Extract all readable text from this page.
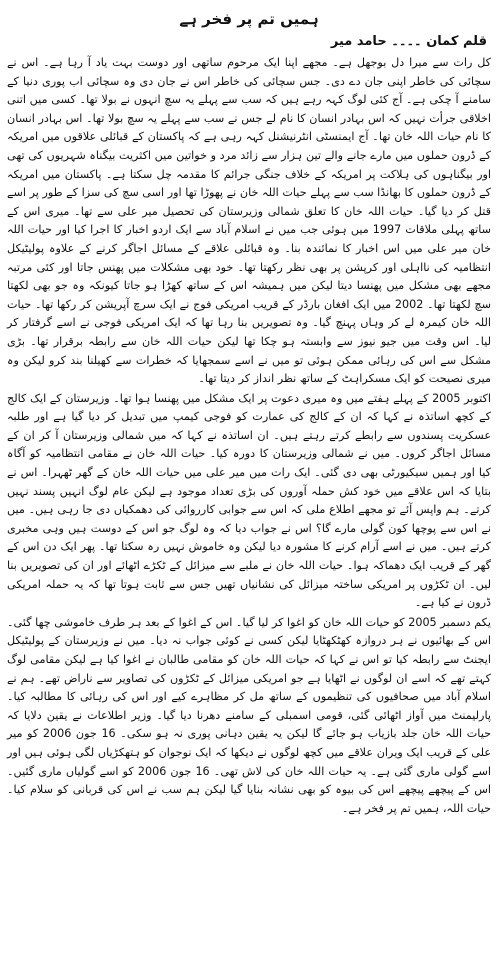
ہمیں تم پر فخر ہے
قلم کمان ۔۔۔۔ حامد میر

کل رات سے میرا دل بوجھل ہے۔ مجھے اپنا ایک مرحوم ساتھی اور دوست بہت یاد آ رہا ہے۔ اس نے سچائی کی خاطر اپنی جان دے دی۔ جس سچائی کی خاطر اس نے جان دی وہ سچائی اب پوری دنیا کے سامنے آ چکی ہے۔ آج کئی لوگ کہہ رہے ہیں کہ سب سے پہلے یہ سچ انہوں نے بولا تھا۔ کسی میں اتنی اخلاقی جرأت نہیں کہ اس بہادر انسان کا نام لے جس نے سب سے پہلے یہ سچ بولا تھا۔ اس بہادر انسان کا نام حیات اللہ خان تھا۔ آج ایمنسٹی انٹرنیشنل کہہ رہی ہے کہ پاکستان کے قبائلی علاقوں میں امریکہ کے ڈرون حملوں میں مارے جانے والے تین ہزار سے زائد مرد و خواتین میں اکثریت بیگناہ شہریوں کی تھی اور بیگناہوں کی ہلاکت پر امریکہ کے خلاف جنگی جرائم کا مقدمہ چل سکتا ہے۔ پاکستان میں امریکہ کے ڈرون حملوں کا بھانڈا سب سے پہلے حیات اللہ خان نے پھوڑا تھا اور اسی سچ کی سزا کے طور پر اسے قتل کر دیا گیا۔ حیات اللہ خان کا تعلق شمالی وزیرستان کی تحصیل میر علی سے تھا۔ میری اس کے ساتھ پہلی ملاقات 1997 میں ہوئی جب میں نے اسلام آباد سے ایک اردو اخبار کا اجرا کیا اور حیات اللہ خان میر علی میں اس اخبار کا نمائندہ بنا۔ وہ قبائلی علاقے کے مسائل اجاگر کرنے کے علاوہ پولیٹیکل انتظامیہ کی نااہلی اور کرپشن پر بھی نظر رکھتا تھا۔ خود بھی مشکلات میں پھنس جاتا اور کئی مرتبہ مجھے بھی مشکل میں پھنسا دیتا لیکن میں ہمیشہ اس کے ساتھ کھڑا ہو جاتا کیونکہ وہ جو بھی لکھتا سچ لکھتا تھا۔ 2002 میں ایک افغان بارڈر کے قریب امریکی فوج نے ایک سرچ آپریشن کر رکھا تھا۔ حیات اللہ خان کیمرہ لے کر وہاں پہنچ گیا۔ وہ تصویریں بنا رہا تھا کہ ایک امریکی فوجی نے اسے گرفتار کر لیا۔ اس وقت میں جیو نیوز سے وابستہ ہو چکا تھا لیکن حیات اللہ خان سے رابطہ برقرار تھا۔ بڑی مشکل سے اس کی رہائی ممکن ہوئی تو میں نے اسے سمجھایا کہ خطرات سے کھیلنا بند کرو لیکن وہ میری نصیحت کو ایک مسکراہٹ کے ساتھ نظر انداز کر دیتا تھا۔

اکتوبر 2005 کے پہلے ہفتے میں وہ میری دعوت پر ایک مشکل میں پھنسا ہوا تھا۔ وزیرستان کے ایک کالج کے کچھ اساتذہ نے کہا کہ ان کے کالج کی عمارت کو فوجی کیمپ میں تبدیل کر دیا گیا ہے اور طلبہ عسکریت پسندوں سے رابطے کرتے رہتے ہیں۔ ان اساتذہ نے کہا کہ میں شمالی وزیرستان آ کر ان کے مسائل اجاگر کروں۔ میں نے شمالی وزیرستان کا دورہ کیا۔ حیات اللہ خان نے مقامی انتظامیہ کو آگاہ کیا اور ہمیں سیکیورٹی بھی دی گئی۔ ایک رات میں میر علی میں حیات اللہ خان کے گھر ٹھہرا۔ اس نے بتایا کہ اس علاقے میں خود کش حملہ آوروں کی بڑی تعداد موجود ہے لیکن عام لوگ انہیں پسند نہیں کرتے۔ ہم واپس آئے تو مجھے اطلاع ملی کہ اس سے جوابی کارروائی کی دھمکیاں دی جا رہی ہیں۔ میں نے اس سے پوچھا کون گولی مارے گا؟ اس نے جواب دیا کہ وہ لوگ جو اس کے دوست ہیں وہی مخبری کرتے ہیں۔ میں نے اسے آرام کرنے کا مشورہ دیا لیکن وہ خاموش نہیں رہ سکتا تھا۔ پھر ایک دن اس کے گھر کے قریب ایک دھماکہ ہوا۔ حیات اللہ خان نے ملبے سے میزائل کے ٹکڑے اٹھائے اور ان کی تصویریں بنا لیں۔ ان ٹکڑوں پر امریکی ساختہ میزائل کی نشانیاں تھیں جس سے ثابت ہوتا تھا کہ یہ حملہ امریکی ڈرون نے کیا ہے۔

یکم دسمبر 2005 کو حیات اللہ خان کو اغوا کر لیا گیا۔ اس کے اغوا کے بعد ہر طرف خاموشی چھا گئی۔ اس کے بھائیوں نے ہر دروازہ کھٹکھٹایا لیکن کسی نے کوئی جواب نہ دیا۔ میں نے وزیرستان کے پولیٹیکل ایجنٹ سے رابطہ کیا تو اس نے کہا کہ حیات اللہ خان کو مقامی طالبان نے اغوا کیا ہے لیکن مقامی لوگ کہتے تھے کہ اسے ان لوگوں نے اٹھایا ہے جو امریکی میزائل کے ٹکڑوں کی تصاویر سے ناراض تھے۔ ہم نے اسلام آباد میں صحافیوں کی تنظیموں کے ساتھ مل کر مظاہرے کیے اور اس کی رہائی کا مطالبہ کیا۔ پارلیمنٹ میں آواز اٹھائی گئی، قومی اسمبلی کے سامنے دھرنا دیا گیا۔ وزیر اطلاعات نے یقین دلایا کہ حیات اللہ خان جلد بازیاب ہو جائے گا لیکن یہ یقین دہانی پوری نہ ہو سکی۔ 16 جون 2006 کو میر علی کے قریب ایک ویران علاقے میں کچھ لوگوں نے دیکھا کہ ایک نوجوان کو ہتھکڑیاں لگی ہوئی ہیں اور اسے گولی ماری گئی ہے۔ یہ حیات اللہ خان کی لاش تھی۔ 16 جون 2006 کو اسے گولیاں ماری گئیں۔ اس کے پیچھے پیچھے اس کی بیوہ کو بھی نشانہ بنایا گیا لیکن ہم سب نے اس کی قربانی کو سلام کیا۔ حیات اللہ، ہمیں تم پر فخر ہے۔
